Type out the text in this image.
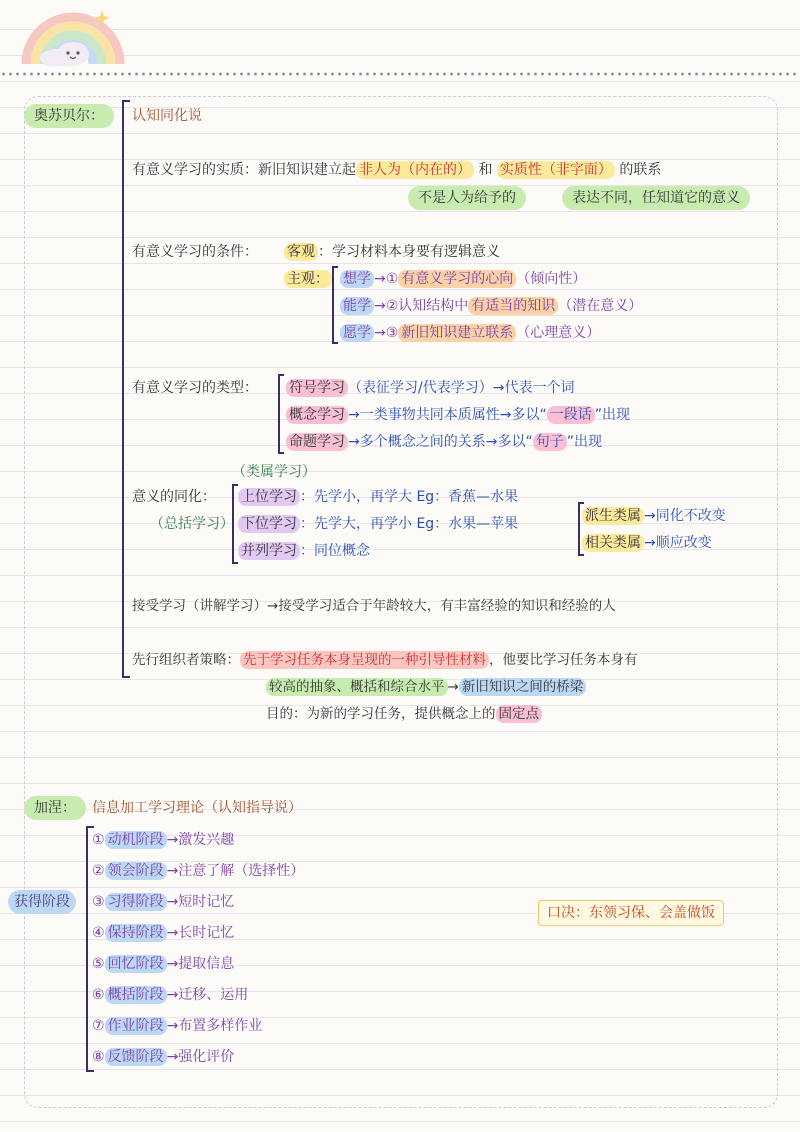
奥苏贝尔：	认知同化说
有意义学习的实质：新旧知识建立起 非人为（内在的） 和 实质性（非字面） 的联系
不是人为给予的	表达不同，任知道它的意义
有意义学习的条件： 客观 ：学习材料本身要有逻辑意义
主观： 想学 →① 有意义学习的心向 （倾向性）
能学 →②认知结构中 有适当的知识 （潜在意义）
愿学 →③ 新旧知识建立联系 （心理意义）
有意义学习的类型： 符号学习 （表征学习/代表学习）→代表一个词
概念学习 →一类事物共同本质属性→多以“ 一段话 ”出现
命题学习 →多个概念之间的关系→多以“ 句子 ”出现
（类属学习）
意义的同化：
（总括学习）
上位学习 ：先学小，再学大 Eg：香蕉—水果
下位学习 ：先学大，再学小 Eg：水果—苹果
并列学习 ：同位概念
派生类属 →同化不改变
相关类属 →顺应改变
接受学习（讲解学习）→接受学习适合于年龄较大，有丰富经验的知识和经验的人
先行组织者策略： 先于学习任务本身呈现的一种引导性材料 ，他要比学习任务本身有
较高的抽象、概括和综合水平 → 新旧知识之间的桥梁
目的：为新的学习任务，提供概念上的 固定点
加涅：	信息加工学习理论（认知指导说）
获得阶段
① 动机阶段 →激发兴趣
② 领会阶段 →注意了解（选择性）
③ 习得阶段 →短时记忆
④ 保持阶段 →长时记忆
⑤ 回忆阶段 →提取信息
⑥ 概括阶段 →迁移、运用
⑦ 作业阶段 →布置多样作业
⑧ 反馈阶段 →强化评价
口决：东领习保、会盖做饭
